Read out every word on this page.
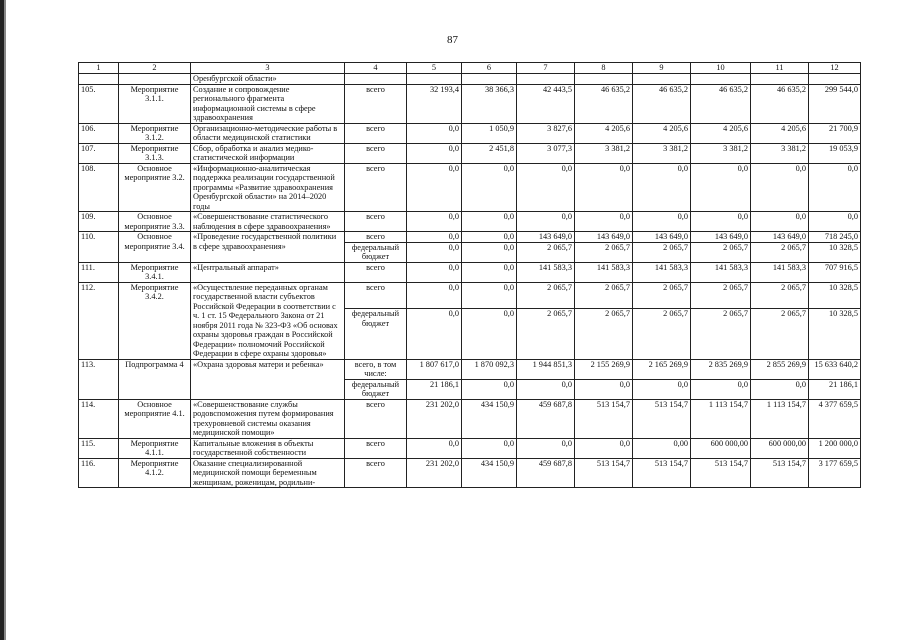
87
1	2	3	4	5	6	7	8	9	10	11	12
		Оренбургской области»									
105.	Мероприятие 3.1.1.	Создание и сопровождение регионального фрагмента информационной системы в сфере здравоохранения	всего	32 193,4	38 366,3	42 443,5	46 635,2	46 635,2	46 635,2	46 635,2	299 544,0
106.	Мероприятие 3.1.2.	Организационно-методические работы в области медицинской статистики	всего	0,0	1 050,9	3 827,6	4 205,6	4 205,6	4 205,6	4 205,6	21 700,9
107.	Мероприятие 3.1.3.	Сбор, обработка и анализ медико-статистической информации	всего	0,0	2 451,8	3 077,3	3 381,2	3 381,2	3 381,2	3 381,2	19 053,9
108.	Основное мероприятие 3.2.	«Информационно-аналитическая поддержка реализации государственной программы «Развитие здравоохранения Оренбургской области» на 2014–2020 годы	всего	0,0	0,0	0,0	0,0	0,0	0,0	0,0	0,0
109.	Основное мероприятие 3.3.	«Совершенствование статистического наблюдения в сфере здравоохранения»	всего	0,0	0,0	0,0	0,0	0,0	0,0	0,0	0,0
110.	Основное мероприятие 3.4.	«Проведение государственной политики в сфере здравоохранения»	всего	0,0	0,0	143 649,0	143 649,0	143 649,0	143 649,0	143 649,0	718 245,0
			федеральный бюджет	0,0	0,0	2 065,7	2 065,7	2 065,7	2 065,7	2 065,7	10 328,5
111.	Мероприятие 3.4.1.	«Центральный аппарат»	всего	0,0	0,0	141 583,3	141 583,3	141 583,3	141 583,3	141 583,3	707 916,5
112.	Мероприятие 3.4.2.	«Осуществление переданных органам государственной власти субъектов Российской Федерации в соответствии с ч. 1 ст. 15 Федерального Закона от 21 ноября 2011 года № 323-ФЗ «Об основах охраны здоровья граждан в Российской Федерации» полномочий Российской Федерации в сфере охраны здоровья»	всего	0,0	0,0	2 065,7	2 065,7	2 065,7	2 065,7	2 065,7	10 328,5
			федеральный бюджет	0,0	0,0	2 065,7	2 065,7	2 065,7	2 065,7	2 065,7	10 328,5
113.	Подпрограмма 4	«Охрана здоровья матери и ребенка»	всего, в том числе:	1 807 617,0	1 870 092,3	1 944 851,3	2 155 269,9	2 165 269,9	2 835 269,9	2 855 269,9	15 633 640,2
			федеральный бюджет	21 186,1	0,0	0,0	0,0	0,0	0,0	0,0	21 186,1
114.	Основное мероприятие 4.1.	«Совершенствование службы родовспоможения путем формирования трехуровневой системы оказания медицинской помощи»	всего	231 202,0	434 150,9	459 687,8	513 154,7	513 154,7	1 113 154,7	1 113 154,7	4 377 659,5
115.	Мероприятие 4.1.1.	Капитальные вложения в объекты государственной собственности	всего	0,0	0,0	0,0	0,0	0,00	600 000,00	600 000,00	1 200 000,0
116.	Мероприятие 4.1.2.	Оказание специализированной медицинской помощи беременным женщинам, роженицам, родильни-	всего	231 202,0	434 150,9	459 687,8	513 154,7	513 154,7	513 154,7	513 154,7	3 177 659,5
